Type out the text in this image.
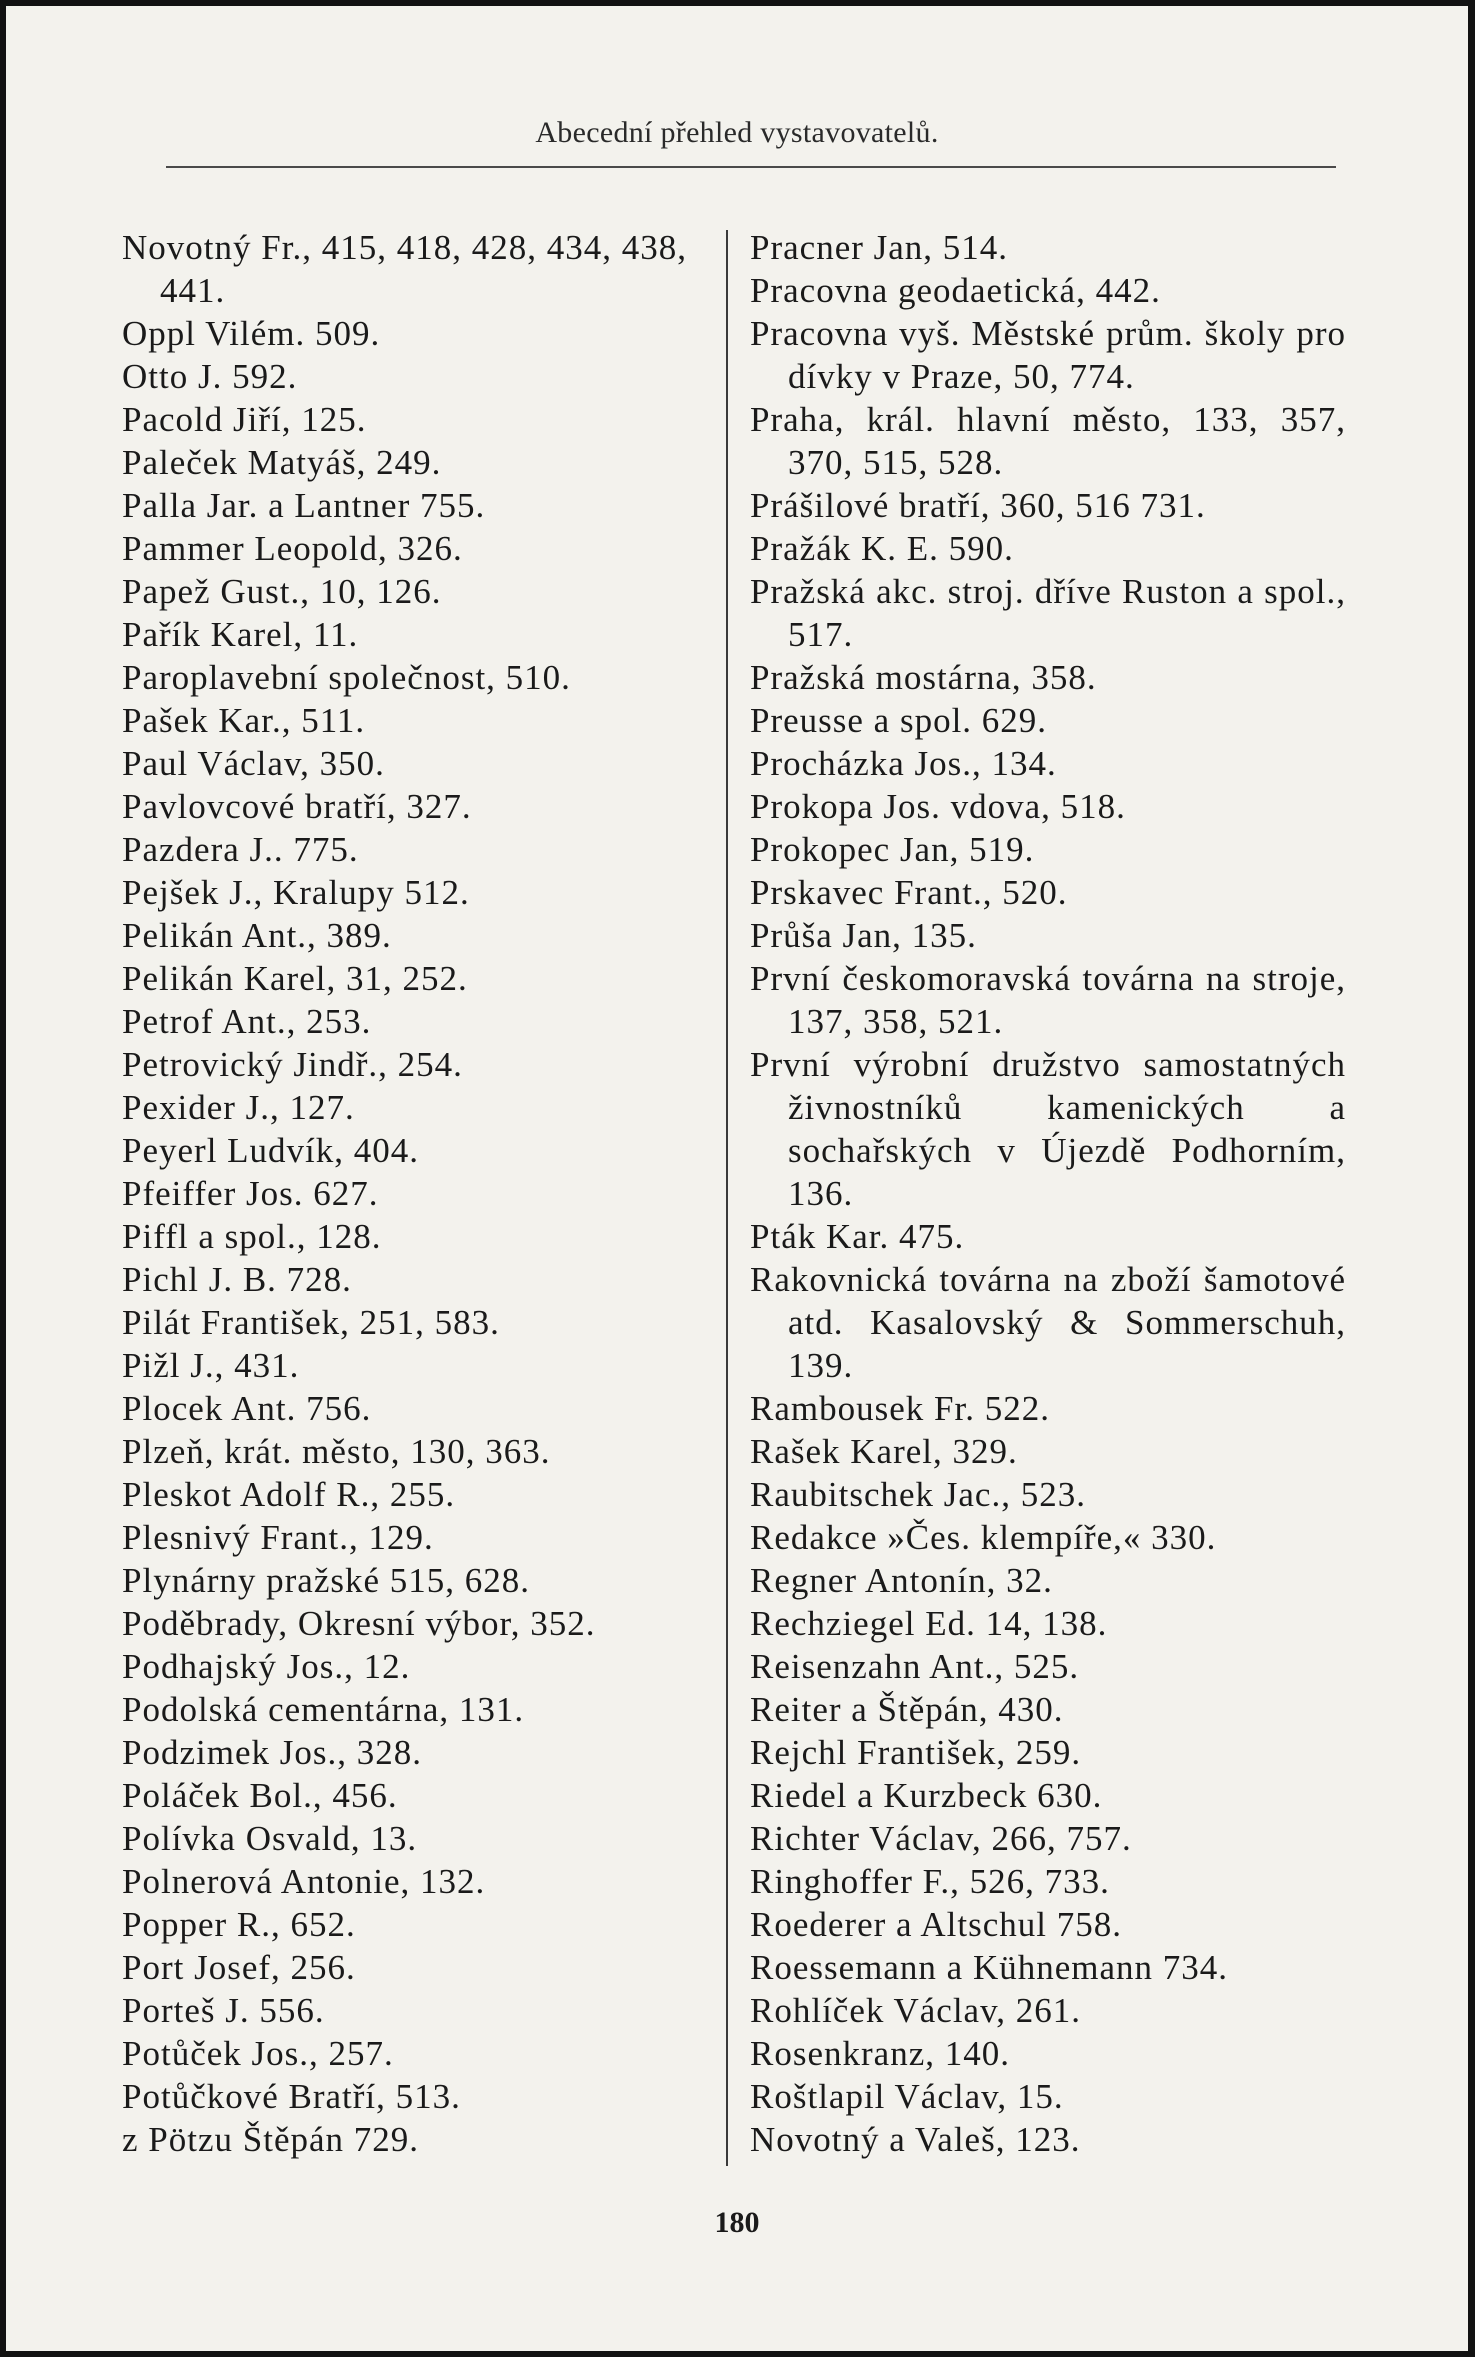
Abecední přehled vystavovatelů.
Novotný Fr., 415, 418, 428, 434, 438, 441.
Oppl Vilém. 509.
Otto J. 592.
Pacold Jiří, 125.
Paleček Matyáš, 249.
Palla Jar. a Lantner 755.
Pammer Leopold, 326.
Papež Gust., 10, 126.
Pařík Karel, 11.
Paroplavební společnost, 510.
Pašek Kar., 511.
Paul Václav, 350.
Pavlovcové bratří, 327.
Pazdera J.. 775.
Pejšek J., Kralupy 512.
Pelikán Ant., 389.
Pelikán Karel, 31, 252.
Petrof Ant., 253.
Petrovický Jindř., 254.
Pexider J., 127.
Peyerl Ludvík, 404.
Pfeiffer Jos. 627.
Piffl a spol., 128.
Pichl J. B. 728.
Pilát František, 251, 583.
Pižl J., 431.
Plocek Ant. 756.
Plzeň, krát. město, 130, 363.
Pleskot Adolf R., 255.
Plesnivý Frant., 129.
Plynárny pražské 515, 628.
Poděbrady, Okresní výbor, 352.
Podhajský Jos., 12.
Podolská cementárna, 131.
Podzimek Jos., 328.
Poláček Bol., 456.
Polívka Osvald, 13.
Polnerová Antonie, 132.
Popper R., 652.
Port Josef, 256.
Porteš J. 556.
Potůček Jos., 257.
Potůčkové Bratří, 513.
z Pötzu Štěpán 729.
Pracner Jan, 514.
Pracovna geodaetická, 442.
Pracovna vyš. Městské prům. školy pro dívky v Praze, 50, 774.
Praha, král. hlavní město, 133, 357, 370, 515, 528.
Prášilové bratří, 360, 516 731.
Pražák K. E. 590.
Pražská akc. stroj. dříve Ruston a spol., 517.
Pražská mostárna, 358.
Preusse a spol. 629.
Procházka Jos., 134.
Prokopa Jos. vdova, 518.
Prokopec Jan, 519.
Prskavec Frant., 520.
Průša Jan, 135.
První českomoravská továrna na stroje, 137, 358, 521.
První výrobní družstvo samostatných živnostníků kamenických a sochařských v Újezdě Podhorním, 136.
Pták Kar. 475.
Rakovnická továrna na zboží šamotové atd. Kasalovský & Sommerschuh, 139.
Rambousek Fr. 522.
Rašek Karel, 329.
Raubitschek Jac., 523.
Redakce »Čes. klempíře,« 330.
Regner Antonín, 32.
Rechziegel Ed. 14, 138.
Reisenzahn Ant., 525.
Reiter a Štěpán, 430.
Rejchl František, 259.
Riedel a Kurzbeck 630.
Richter Václav, 266, 757.
Ringhoffer F., 526, 733.
Roederer a Altschul 758.
Roessemann a Kühnemann 734.
Rohlíček Václav, 261.
Rosenkranz, 140.
Roštlapil Václav, 15.
Novotný a Valeš, 123.
180
